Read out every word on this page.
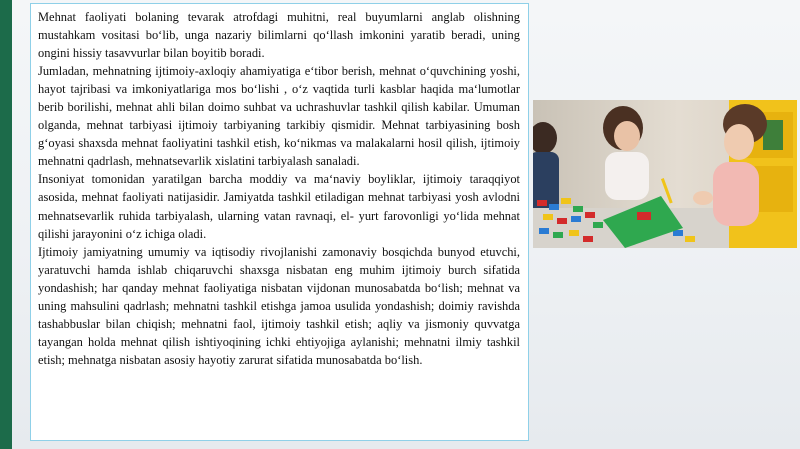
Mehnat faoliyati bolaning tevarak atrofdagi muhitni, real buyumlarni anglab olishning mustahkam vositasi boʻlib, unga nazariy bilimlarni qoʻllash imkonini yaratib beradi, uning ongini hissiy tasavvurlar bilan boyitib boradi.

Jumladan, mehnatning ijtimoiy-axloqiy ahamiyatiga eʻtibor berish, mehnat oʻquvchining yoshi, hayot tajribasi va imkoniyatlariga mos boʻlishi , oʻz vaqtida turli kasblar haqida maʻlumotlar berib borilishi, mehnat ahli bilan doimo suhbat va uchrashuvlar tashkil qilish kabilar. Umuman olganda, mehnat tarbiyasi ijtimoiy tarbiyaning tarkibiy qismidir. Mehnat tarbiyasining bosh gʻoyasi shaxsda mehnat faoliyatini tashkil etish, koʻnikmas va malakalarni hosil qilish, ijtimoiy mehnatni qadrlash, mehnatsevarlik xislatini tarbiyalash sanaladi.

Insoniyat tomonidan yaratilgan barcha moddiy va maʻnaviy boyliklar, ijtimoiy taraqqiyot asosida, mehnat faoliyati natijasidir. Jamiyatda tashkil etiladigan mehnat tarbiyasi yosh avlodni mehnatsevarlik ruhida tarbiyalash, ularning vatan ravnaqi, el- yurt farovonligi yoʻlida mehnat qilishi jarayonini oʻz ichiga oladi.

Ijtimoiy jamiyatning umumiy va iqtisodiy rivojlanishi zamonaviy bosqichda bunyod etuvchi, yaratuvchi hamda ishlab chiqaruvchi shaxsga nisbatan eng muhim ijtimoiy burch sifatida yondashish; har qanday mehnat faoliyatiga nisbatan vijdonan munosabatda boʻlish; mehnat va uning mahsulini qadrlash; mehnatni tashkil etishga jamoa usulida yondashish; doimiy ravishda tashabbuslar bilan chiqish; mehnatni faol, ijtimoiy tashkil etish; aqliy va jismoniy quvvatga tayangan holda mehnat qilish ishtiyoqining ichki ehtiyojiga aylanishi; mehnatni ilmiy tashkil etish; mehnatga nisbatan asosiy hayotiy zarurat sifatida munosabatda boʻlish.
